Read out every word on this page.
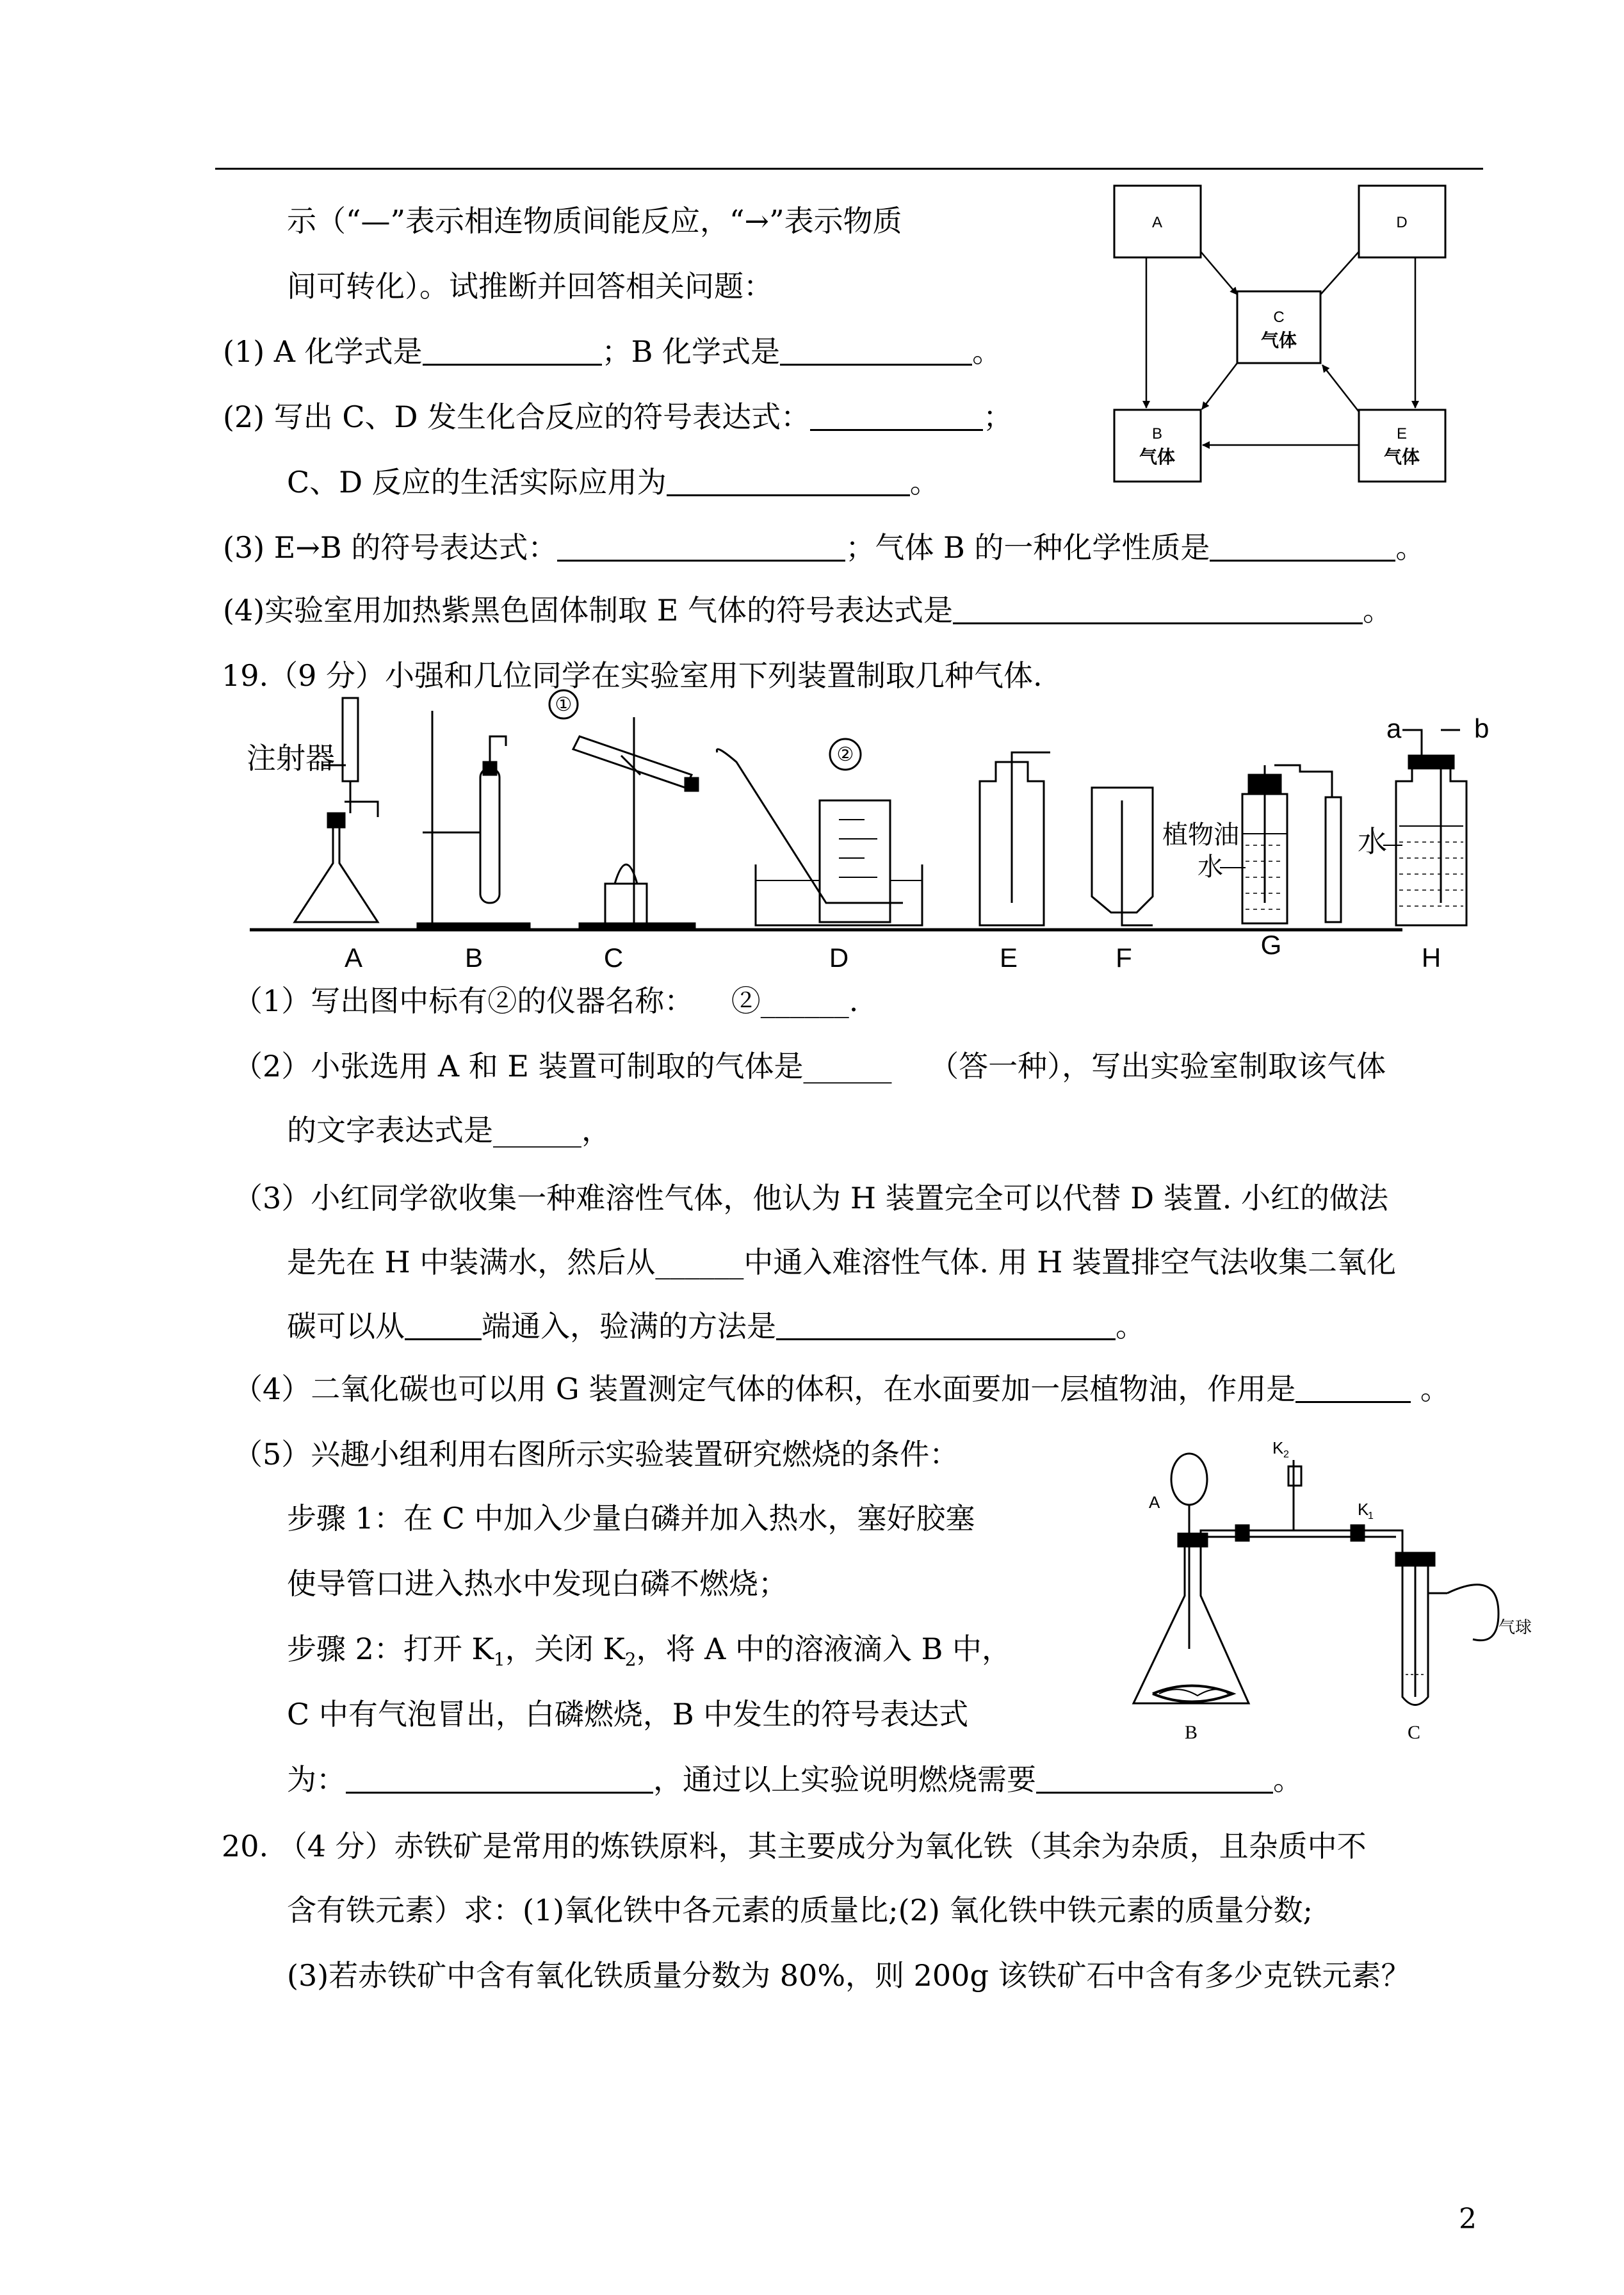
示（“—”表示相连物质间能反应，“→”表示物质
间可转化）。试推断并回答相关问题：
(1) A 化学式是	；B 化学式是	。
(2) 写出 C、D 发生化合反应的符号表达式：	；
C、D 反应的生活实际应用为	。
(3) E→B 的符号表达式：	；气体 B 的一种化学性质是	。
(4)实验室用加热紫黑色固体制取 E 气体的符号表达式是	。
A	D
C
气体
B
气体
E
气体
19.（9 分）小强和几位同学在实验室用下列装置制取几种气体.
注射器
①
②
植物油
水
a	b
水
A	B	C	D	E	F	G	H
（1）写出图中标有②的仪器名称： ②______.
（2）小张选用 A 和 E 装置可制取的气体是______ （答一种），写出实验室制取该气体
的文字表达式是______，
（3）小红同学欲收集一种难溶性气体，他认为 H 装置完全可以代替 D 装置. 小红的做法
是先在 H 中装满水，然后从______中通入难溶性气体. 用 H 装置排空气法收集二氧化
碳可以从	端通入，验满的方法是	。
（4）二氧化碳也可以用 G 装置测定气体的体积，在水面要加一层植物油，作用是	。
（5）兴趣小组利用右图所示实验装置研究燃烧的条件：
步骤 1：在 C 中加入少量白磷并加入热水，塞好胶塞
使导管口进入热水中发现白磷不燃烧；
步骤 2：打开 $K_1$，关闭 $K_2$，将 A 中的溶液滴入 B 中，
C 中有气泡冒出，白磷燃烧，B 中发生的符号表达式
为：	，通过以上实验说明燃烧需要	。
A
K 2
K
1
气球
B	C
20. （4 分）赤铁矿是常用的炼铁原料，其主要成分为氧化铁（其余为杂质，且杂质中不
含有铁元素）求：(1)氧化铁中各元素的质量比;(2) 氧化铁中铁元素的质量分数;
(3)若赤铁矿中含有氧化铁质量分数为 80%，则 200g 该铁矿石中含有多少克铁元素？
2
